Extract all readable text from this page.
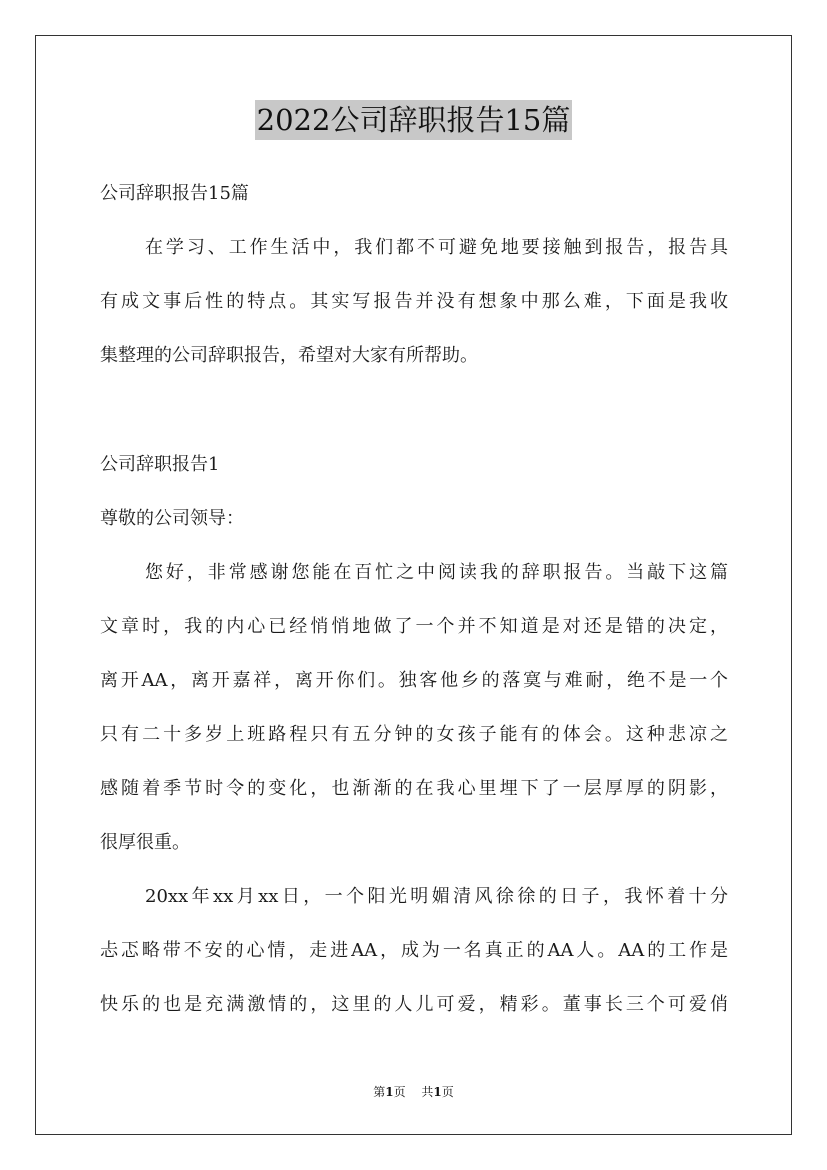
2022公司辞职报告15篇
公司辞职报告15篇
在学习、工作生活中，我们都不可避免地要接触到报告，报告具
有成文事后性的特点。其实写报告并没有想象中那么难，下面是我收
集整理的公司辞职报告，希望对大家有所帮助。
公司辞职报告1
尊敬的公司领导：
您好，非常感谢您能在百忙之中阅读我的辞职报告。当敲下这篇
文章时，我的内心已经悄悄地做了一个并不知道是对还是错的决定，
离开AA，离开嘉祥，离开你们。独客他乡的落寞与难耐，绝不是一个
只有二十多岁上班路程只有五分钟的女孩子能有的体会。这种悲凉之
感随着季节时令的变化，也渐渐的在我心里埋下了一层厚厚的阴影，
很厚很重。
20xx年xx月xx日，一个阳光明媚清风徐徐的日子，我怀着十分
忐忑略带不安的心情，走进AA，成为一名真正的AA人。AA的工作是
快乐的也是充满激情的，这里的人儿可爱，精彩。董事长三个可爱俏
第1页 共1页
